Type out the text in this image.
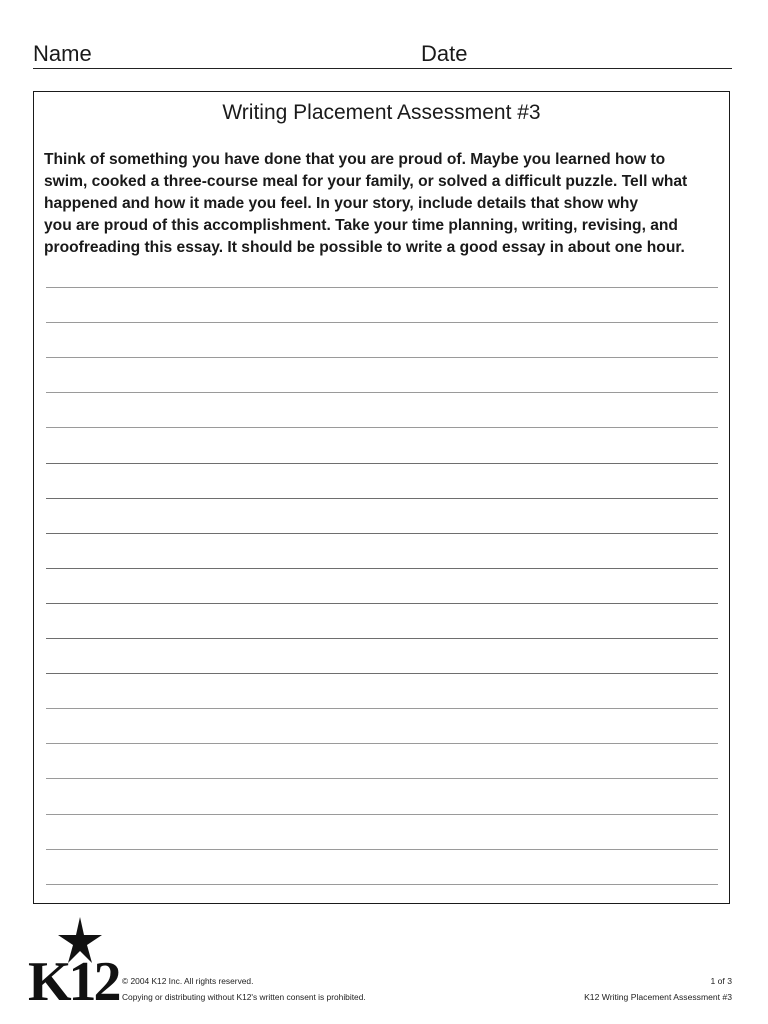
Name	Date
Writing Placement Assessment #3
Think of something you have done that you are proud of. Maybe you learned how to
swim, cooked a three-course meal for your family, or solved a difficult puzzle. Tell what
happened and how it made you feel. In your story, include details that show why
you are proud of this accomplishment. Take your time planning, writing, revising, and
proofreading this essay. It should be possible to write a good essay in about one hour.
K12 © 2004 K12 Inc. All rights reserved.
Copying or distributing without K12's written consent is prohibited.
1 of 3
K12 Writing Placement Assessment #3
